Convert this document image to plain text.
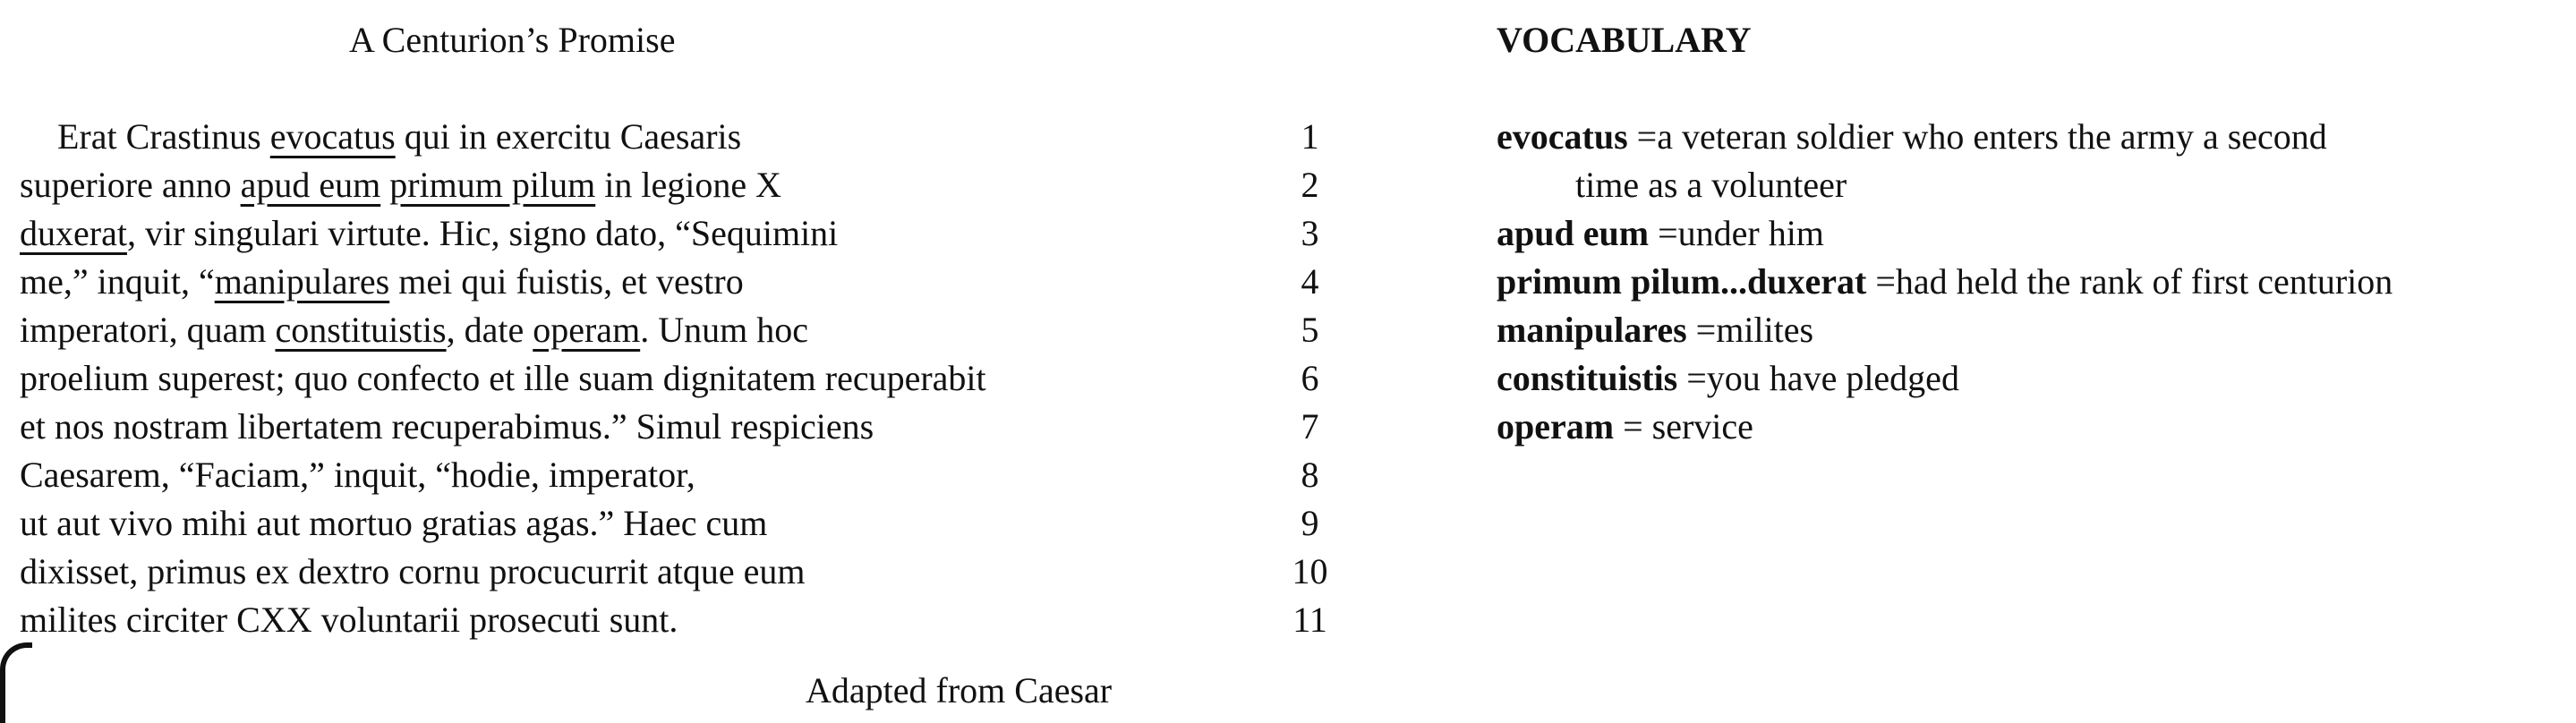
A Centurion’s Promise
Erat Crastinus evocatus qui in exercitu Caesaris	1
superiore anno apud eum primum pilum in legione X	2
duxerat, vir singulari virtute. Hic, signo dato, “Sequimini	3
me,” inquit, “manipulares mei qui fuistis, et vestro	4
imperatori, quam constituistis, date operam. Unum hoc	5
proelium superest; quo confecto et ille suam dignitatem recuperabit	6
et nos nostram libertatem recuperabimus.” Simul respiciens	7
Caesarem, “Faciam,” inquit, “hodie, imperator,	8
ut aut vivo mihi aut mortuo gratias agas.” Haec cum	9
dixisset, primus ex dextro cornu procucurrit atque eum	10
milites circiter CXX voluntarii prosecuti sunt.	11
Adapted from Caesar
VOCABULARY
evocatus =a veteran soldier who enters the army a second
time as a volunteer
apud eum =under him
primum pilum...duxerat =had held the rank of first centurion
manipulares =milites
constituistis =you have pledged
operam = service
